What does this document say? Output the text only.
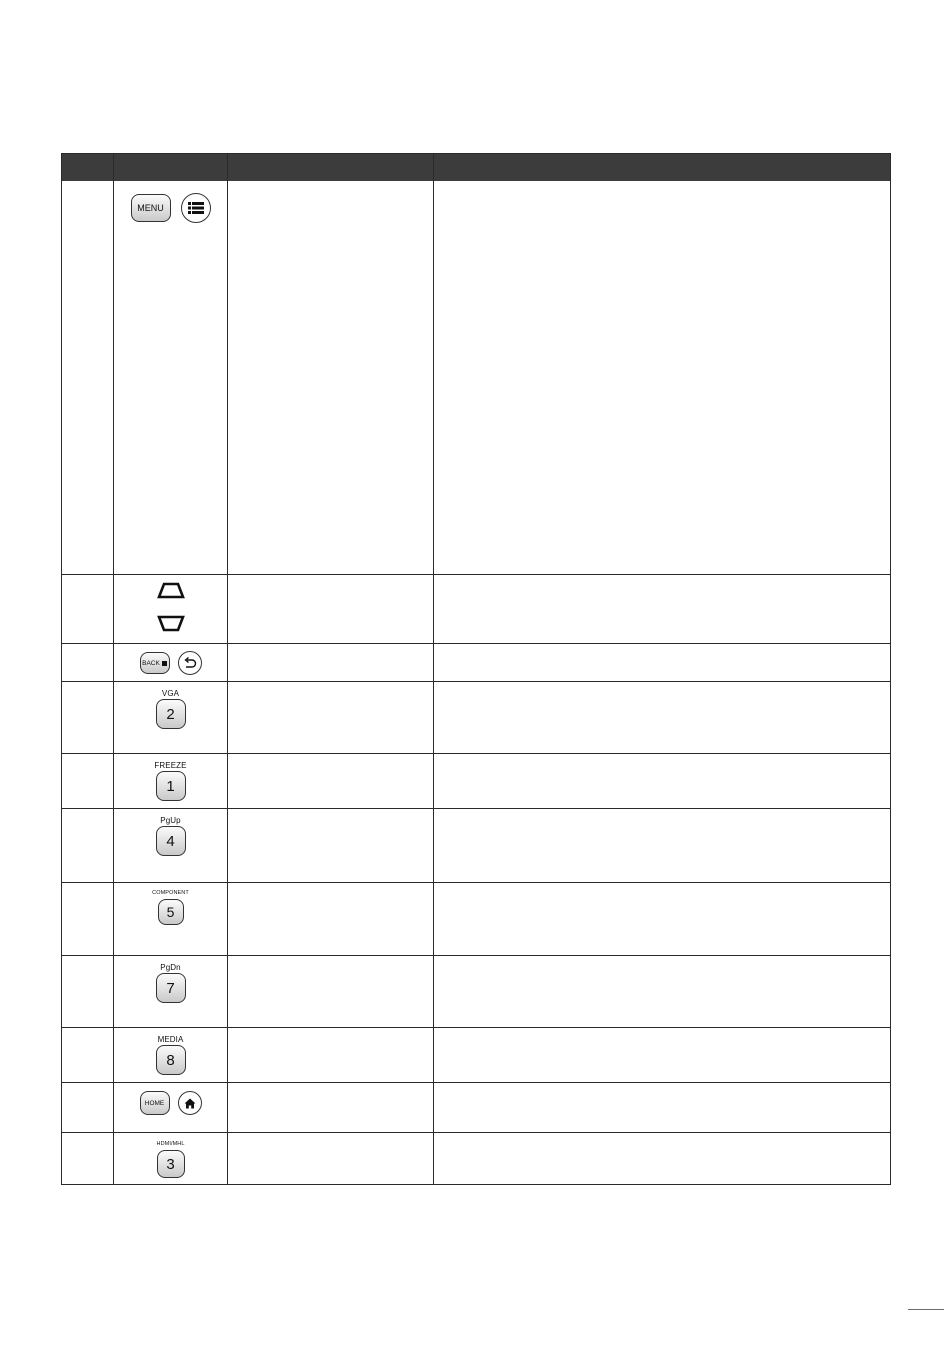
MENU
BACK
VGA
2
FREEZE
1
PgUp
4
COMPONENT
5
PgDn
7
MEDIA
8
HOME
HDMI/MHL
3
